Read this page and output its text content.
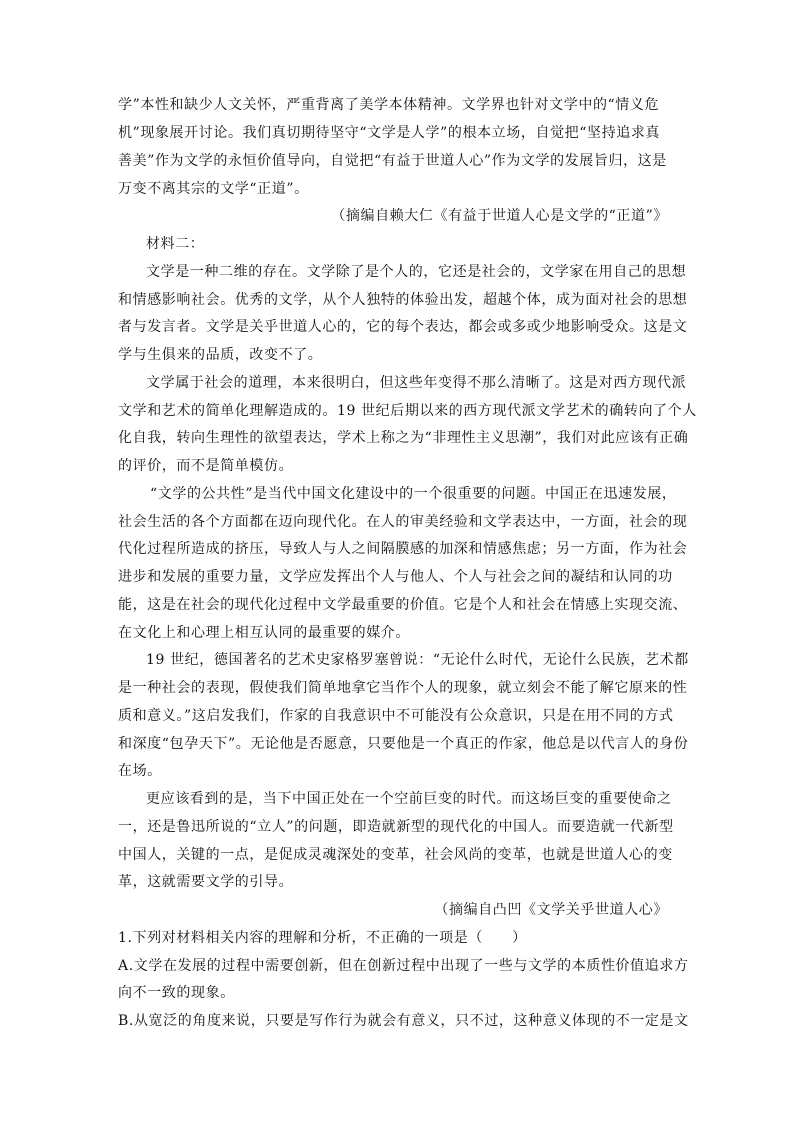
学”本性和缺少人文关怀，严重背离了美学本体精神。文学界也针对文学中的“情义危
机”现象展开讨论。我们真切期待坚守“文学是人学”的根本立场，自觉把“坚持追求真
善美”作为文学的永恒价值导向，自觉把“有益于世道人心”作为文学的发展旨归，这是
万变不离其宗的文学“正道”。
（摘编自赖大仁《有益于世道人心是文学的“正道”》
材料二：
文学是一种二维的存在。文学除了是个人的，它还是社会的，文学家在用自己的思想
和情感影响社会。优秀的文学，从个人独特的体验出发，超越个体，成为面对社会的思想
者与发言者。文学是关乎世道人心的，它的每个表达，都会或多或少地影响受众。这是文
学与生俱来的品质，改变不了。
文学属于社会的道理，本来很明白，但这些年变得不那么清晰了。这是对西方现代派
文学和艺术的简单化理解造成的。19 世纪后期以来的西方现代派文学艺术的确转向了个人
化自我，转向生理性的欲望表达，学术上称之为“非理性主义思潮”，我们对此应该有正确
的评价，而不是简单模仿。
“文学的公共性”是当代中国文化建设中的一个很重要的问题。中国正在迅速发展，
社会生活的各个方面都在迈向现代化。在人的审美经验和文学表达中，一方面，社会的现
代化过程所造成的挤压，导致人与人之间隔膜感的加深和情感焦虑；另一方面，作为社会
进步和发展的重要力量，文学应发挥出个人与他人、个人与社会之间的凝结和认同的功
能，这是在社会的现代化过程中文学最重要的价值。它是个人和社会在情感上实现交流、
在文化上和心理上相互认同的最重要的媒介。
19 世纪，德国著名的艺术史家格罗塞曾说：“无论什么时代，无论什么民族，艺术都
是一种社会的表现，假使我们简单地拿它当作个人的现象，就立刻会不能了解它原来的性
质和意义。”这启发我们，作家的自我意识中不可能没有公众意识，只是在用不同的方式
和深度“包孕天下”。无论他是否愿意，只要他是一个真正的作家，他总是以代言人的身份
在场。
更应该看到的是，当下中国正处在一个空前巨变的时代。而这场巨变的重要使命之
一，还是鲁迅所说的“立人”的问题，即造就新型的现代化的中国人。而要造就一代新型
中国人，关键的一点，是促成灵魂深处的变革，社会风尚的变革，也就是世道人心的变
革，这就需要文学的引导。
（摘编自凸凹《文学关乎世道人心》
1.下列对材料相关内容的理解和分析，不正确的一项是（　　）
A.文学在发展的过程中需要创新，但在创新过程中出现了一些与文学的本质性价值追求方
向不一致的现象。
B.从宽泛的角度来说，只要是写作行为就会有意义，只不过，这种意义体现的不一定是文
